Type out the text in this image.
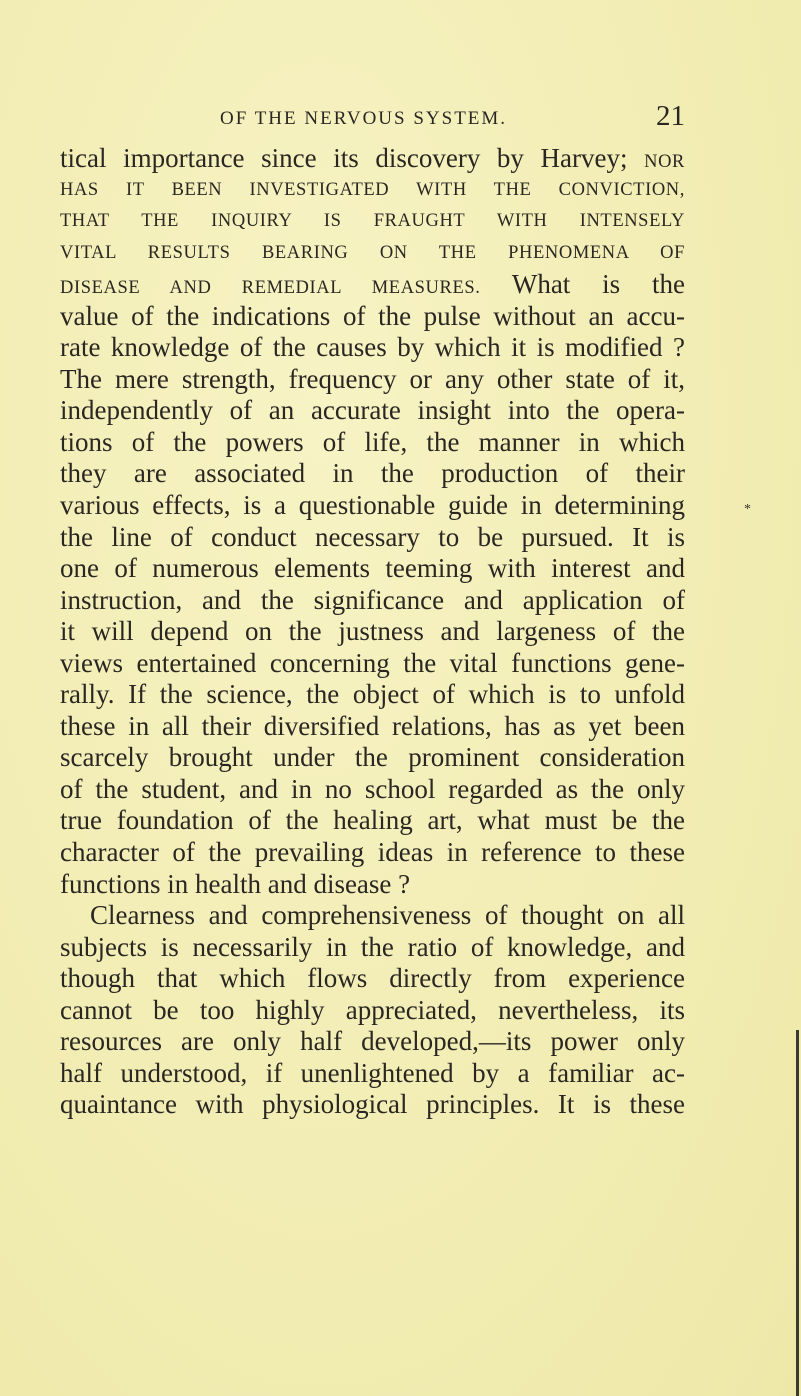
OF THE NERVOUS SYSTEM.	21
tical importance since its discovery by Harvey; NOR
HAS IT BEEN INVESTIGATED WITH THE CONVICTION,
THAT THE INQUIRY IS FRAUGHT WITH INTENSELY
VITAL RESULTS BEARING ON THE PHENOMENA OF
DISEASE AND REMEDIAL MEASURES. What is the
value of the indications of the pulse without an accu-
rate knowledge of the causes by which it is modified ?
The mere strength, frequency or any other state of it,
independently of an accurate insight into the opera-
tions of the powers of life, the manner in which
they are associated in the production of their
various effects, is a questionable guide in determining
the line of conduct necessary to be pursued. It is
one of numerous elements teeming with interest and
instruction, and the significance and application of
it will depend on the justness and largeness of the
views entertained concerning the vital functions gene-
rally. If the science, the object of which is to unfold
these in all their diversified relations, has as yet been
scarcely brought under the prominent consideration
of the student, and in no school regarded as the only
true foundation of the healing art, what must be the
character of the prevailing ideas in reference to these
functions in health and disease ?
Clearness and comprehensiveness of thought on all
subjects is necessarily in the ratio of knowledge, and
though that which flows directly from experience
cannot be too highly appreciated, nevertheless, its
resources are only half developed,—its power only
half understood, if unenlightened by a familiar ac-
quaintance with physiological principles. It is these
*
